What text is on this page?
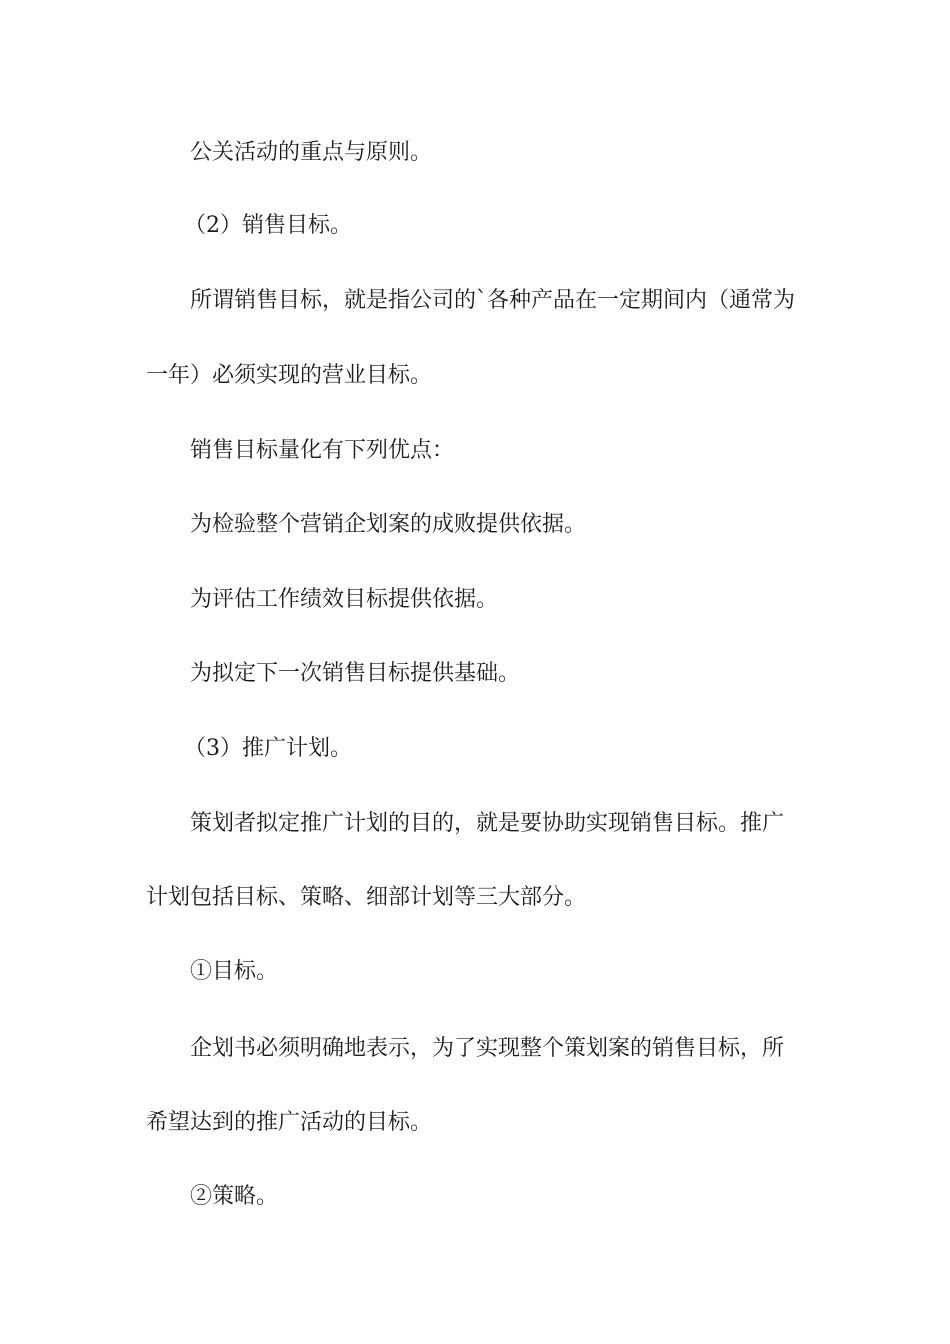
公关活动的重点与原则。
（2）销售目标。
所谓销售目标，就是指公司的`各种产品在一定期间内（通常为
一年）必须实现的营业目标。
销售目标量化有下列优点：
为检验整个营销企划案的成败提供依据。
为评估工作绩效目标提供依据。
为拟定下一次销售目标提供基础。
（3）推广计划。
策划者拟定推广计划的目的，就是要协助实现销售目标。推广
计划包括目标、策略、细部计划等三大部分。
①目标。
企划书必须明确地表示，为了实现整个策划案的销售目标，所
希望达到的推广活动的目标。
②策略。
